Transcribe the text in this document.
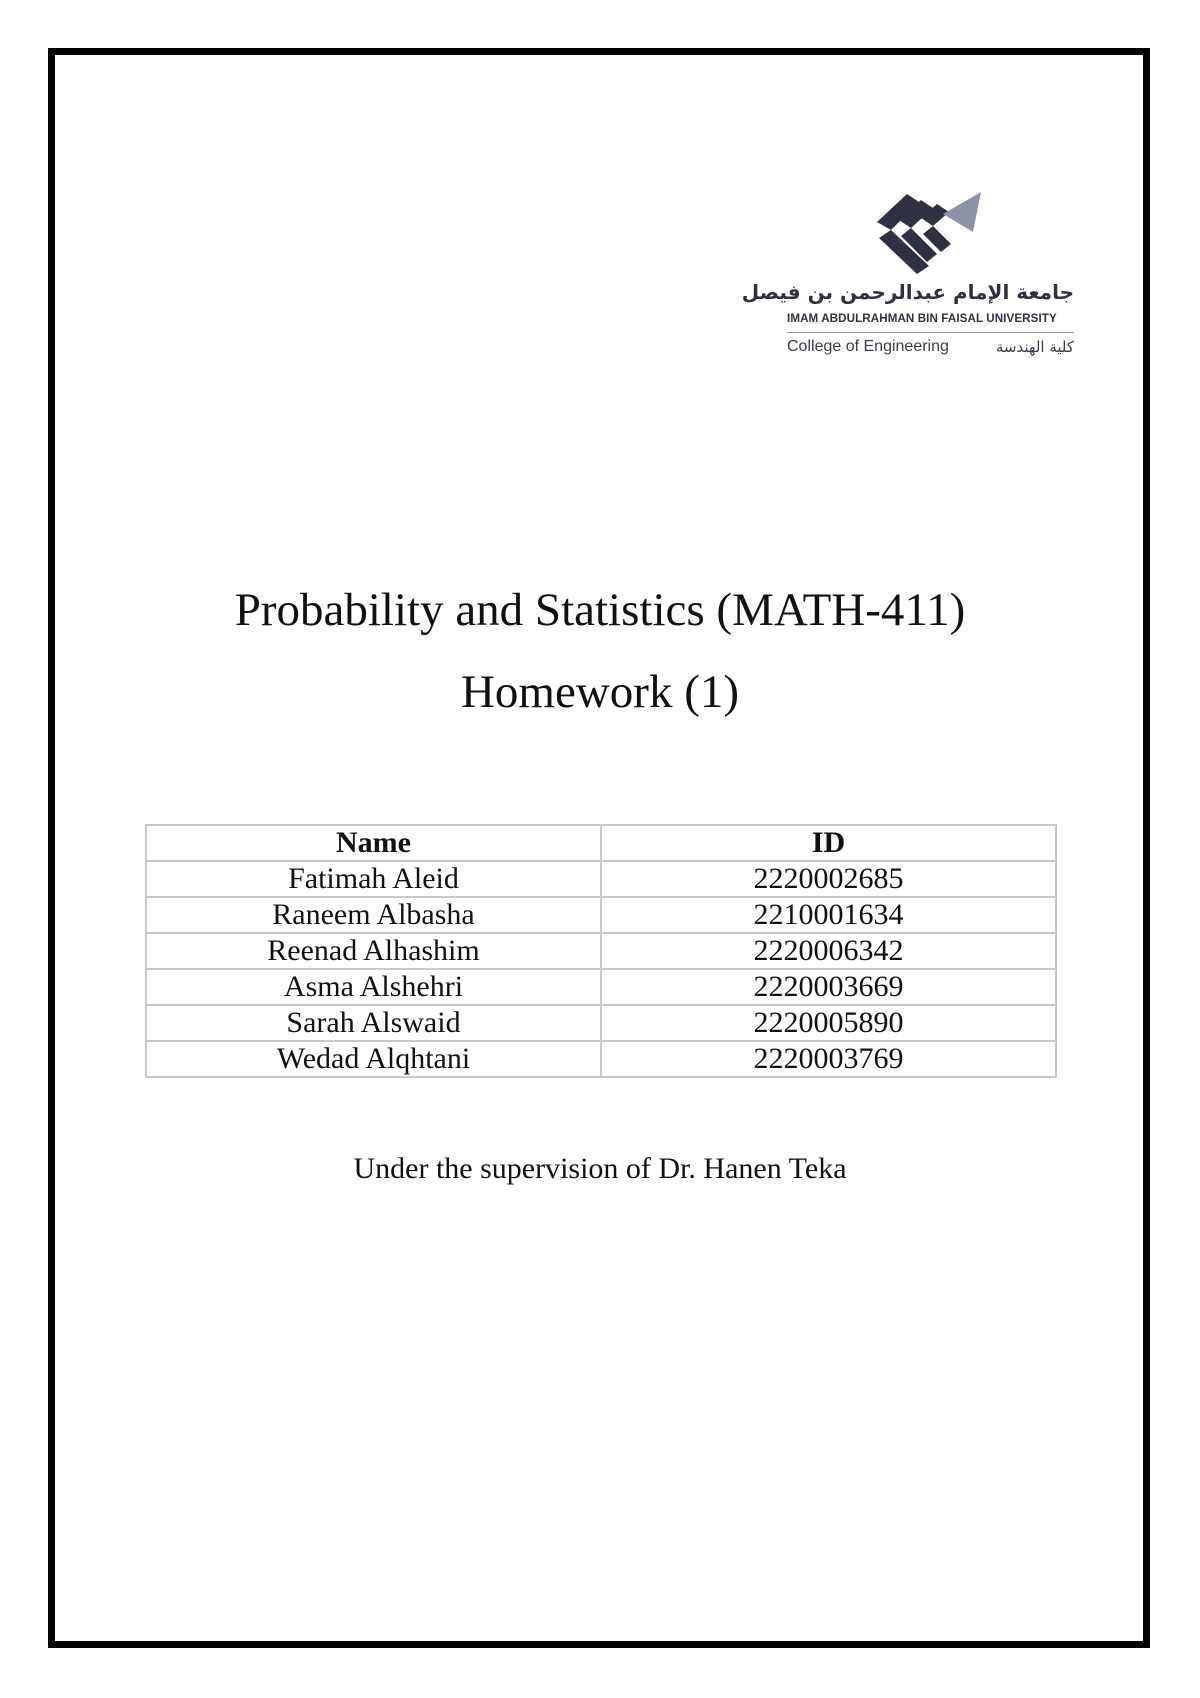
جامعة الإمام عبدالرحمن بن فيصل
IMAM ABDULRAHMAN BIN FAISAL UNIVERSITY
College of Engineering	كلية الهندسة
Probability and Statistics (MATH-411)
Homework (1)
Name	ID
Fatimah Aleid	2220002685
Raneem Albasha	2210001634
Reenad Alhashim	2220006342
Asma Alshehri	2220003669
Sarah Alswaid	2220005890
Wedad Alqhtani	2220003769
Under the supervision of Dr. Hanen Teka
